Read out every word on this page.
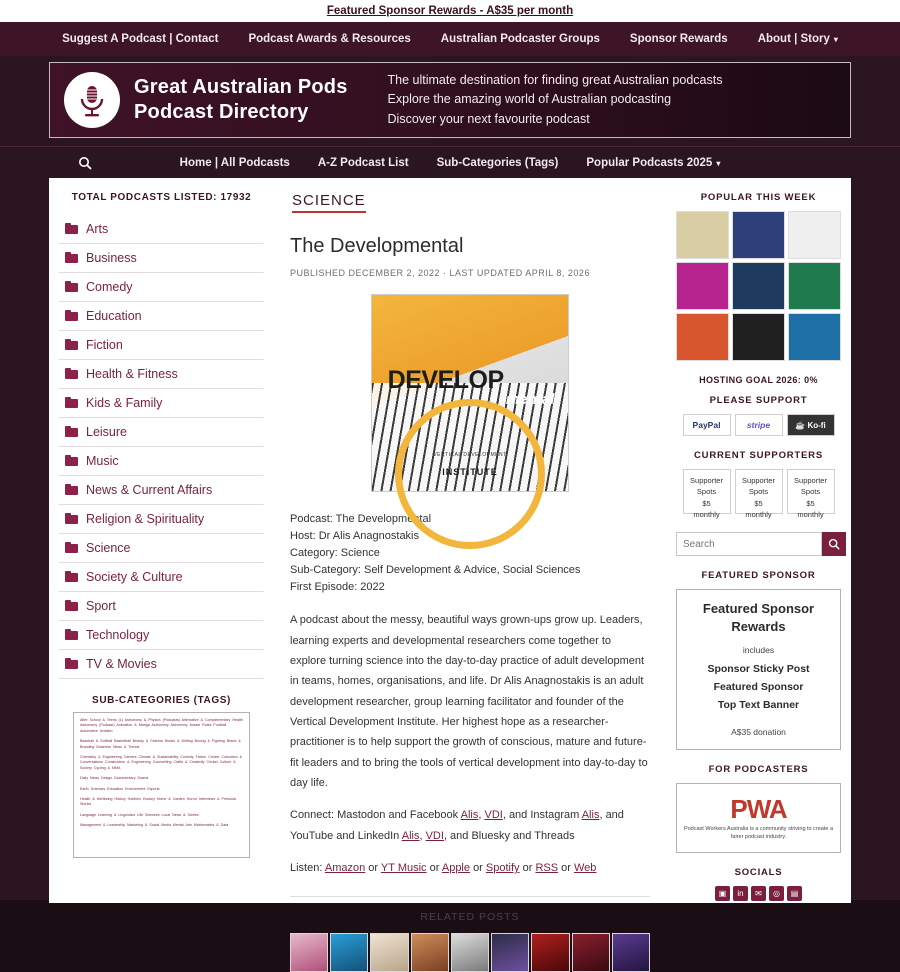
Featured Sponsor Rewards - A$35 per month
Suggest A Podcast | Contact	Podcast Awards & Resources	Australian Podcaster Groups	Sponsor Rewards	About | Story ▾
Great Australian Pods
Podcast Directory
The ultimate destination for finding great Australian podcasts
Explore the amazing world of Australian podcasting
Discover your next favourite podcast
Home | All Podcasts	A-Z Podcast List	Sub-Categories (Tags)	Popular Podcasts 2025 ▾
TOTAL PODCASTS LISTED: 17932
Arts
Business
Comedy
Education
Fiction
Health & Fitness
Kids & Family
Leisure
Music
News & Current Affairs
Religion & Spirituality
Science
Society & Culture
Sport
Technology
TV & Movies
SUB-CATEGORIES (TAGS)

After School & Teens (1) Astronomy & Physics (Podcasts) Alternative & Complementary Health Astronomy (Podcast) Animation & Manga Astronomy Astronomy Aussie Rules Football Automotive Aviation

Baseball & Softball Basketball Beauty & Fashion Books & Writing Boxing & Fighting Brand & Branding Business News & Trends

Chemistry & Engineering Careers Climate & Sustainability Comedy Fiction Cricket Colourism & Conversations Construction & Engineering Counselling Crafts & Creativity Cricket Culture & Society Cycling & MMA

Daily News Design Documentary Drama

Earth Sciences Education Environment Esports

Health & Wellbeing History Hobbies Hockey Home & Garden Horror Interviews & Personal Stories

Language Learning & Linguistics Life Sciences Local News & Stories

Management & Leadership Marketing & Social Media Mental Arts Mathematics & Data

SCIENCE
The Developmental
PUBLISHED DECEMBER 2, 2022 · LAST UPDATED APRIL 8, 2026
DEVELOP
mental
VERTICAL DEVELOPMENT
INSTITUTE
Podcast: The Developmental
Host: Dr Alis Anagnostakis
Category: Science
Sub-Category: Self Development & Advice, Social Sciences
First Episode: 2022

A podcast about the messy, beautiful ways grown-ups grow up. Leaders, learning experts and developmental researchers come together to explore turning science into the day-to-day practice of adult development in teams, homes, organisations, and life. Dr Alis Anagnostakis is an adult development researcher, group learning facilitator and founder of the Vertical Development Institute. Her highest hope as a researcher-practitioner is to help support the growth of conscious, mature and future-fit leaders and to bring the tools of vertical development into day-to-day to day life.

Connect: Mastodon and Facebook Alis, VDI, and Instagram Alis, and YouTube and LinkedIn Alis, VDI, and Bluesky and Threads

Listen: Amazon or YT Music or Apple or Spotify or RSS or Web

RELATED POSTS
POPULAR THIS WEEK
HOSTING GOAL 2026: 0%
PLEASE SUPPORT
PayPal	stripe	☕ Ko-fi
CURRENT SUPPORTERS
Supporter
Spots
$5
monthly
Supporter
Spots
$5
monthly
Supporter
Spots
$5
monthly
Search
FEATURED SPONSOR
Featured Sponsor
Rewards
includes
Sponsor Sticky Post
Featured Sponsor
Top Text Banner
A$35 donation
FOR PODCASTERS
PWA
Podcast Workers Australia is a community striving to create a fairer podcast industry.
SOCIALS
▣	in	✉	◎	▤
